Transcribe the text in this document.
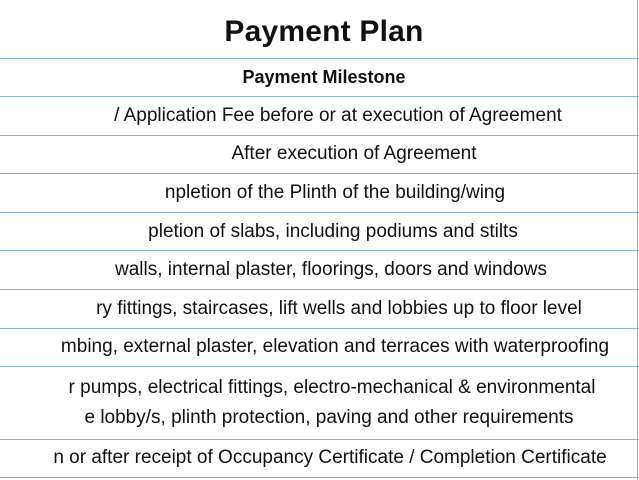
Payment Plan
Payment Milestone
/ Application Fee before or at execution of Agreement
After execution of Agreement
npletion of the Plinth of the building/wing
pletion of slabs, including podiums and stilts
walls, internal plaster, floorings, doors and windows
ry fittings, staircases, lift wells and lobbies up to floor level
mbing, external plaster, elevation and terraces with waterproofing
r pumps, electrical fittings, electro-mechanical & environmental
e lobby/s, plinth protection, paving and other requirements
n or after receipt of Occupancy Certificate / Completion Certificate
